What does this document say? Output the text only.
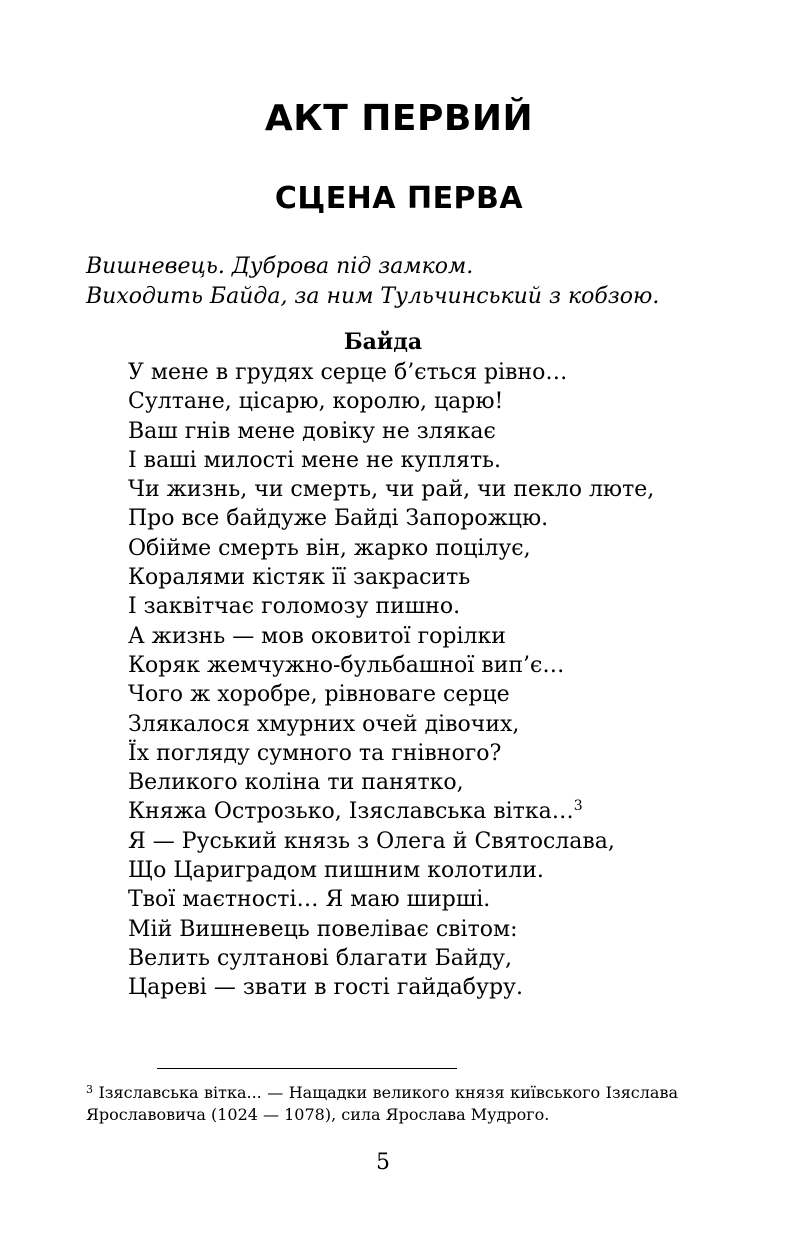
АКТ ПЕРВИЙ
СЦЕНА ПЕРВА
Вишневець. Дуброва під замком.
Виходить Байда, за ним Тульчинський з кобзою.
Байда
У мене в грудях серце б’ється рівно…
Султане, цісарю, королю, царю!
Ваш гнів мене довіку не злякає
І ваші милості мене не куплять.
Чи жизнь, чи смерть, чи рай, чи пекло люте,
Про все байдуже Байді Запорожцю.
Обійме смерть він, жарко поцілує,
Коралями кістяк її закрасить
І заквітчає голомозу пишно.
А жизнь — мов оковитої горілки
Коряк жемчужно-бульбашної вип’є…
Чого ж хоробре, рівноваге серце
Злякалося хмурних очей дівочих,
Їх погляду сумного та гнівного?
Великого коліна ти панятко,
Княжа Острозько, Ізяславська вітка…$^3$
Я — Руський князь з Олега й Святослава,
Що Цариградом пишним колотили.
Твої маєтності… Я маю ширші.
Мій Вишневець повеліває світом:
Велить султанові благати Байду,
Цареві — звати в гості гайдабуру.
$^3$ Ізяславська вітка... — Нащадки великого князя київського Ізяслава Ярославовича (1024 — 1078), сила Ярослава Мудрого.
5
